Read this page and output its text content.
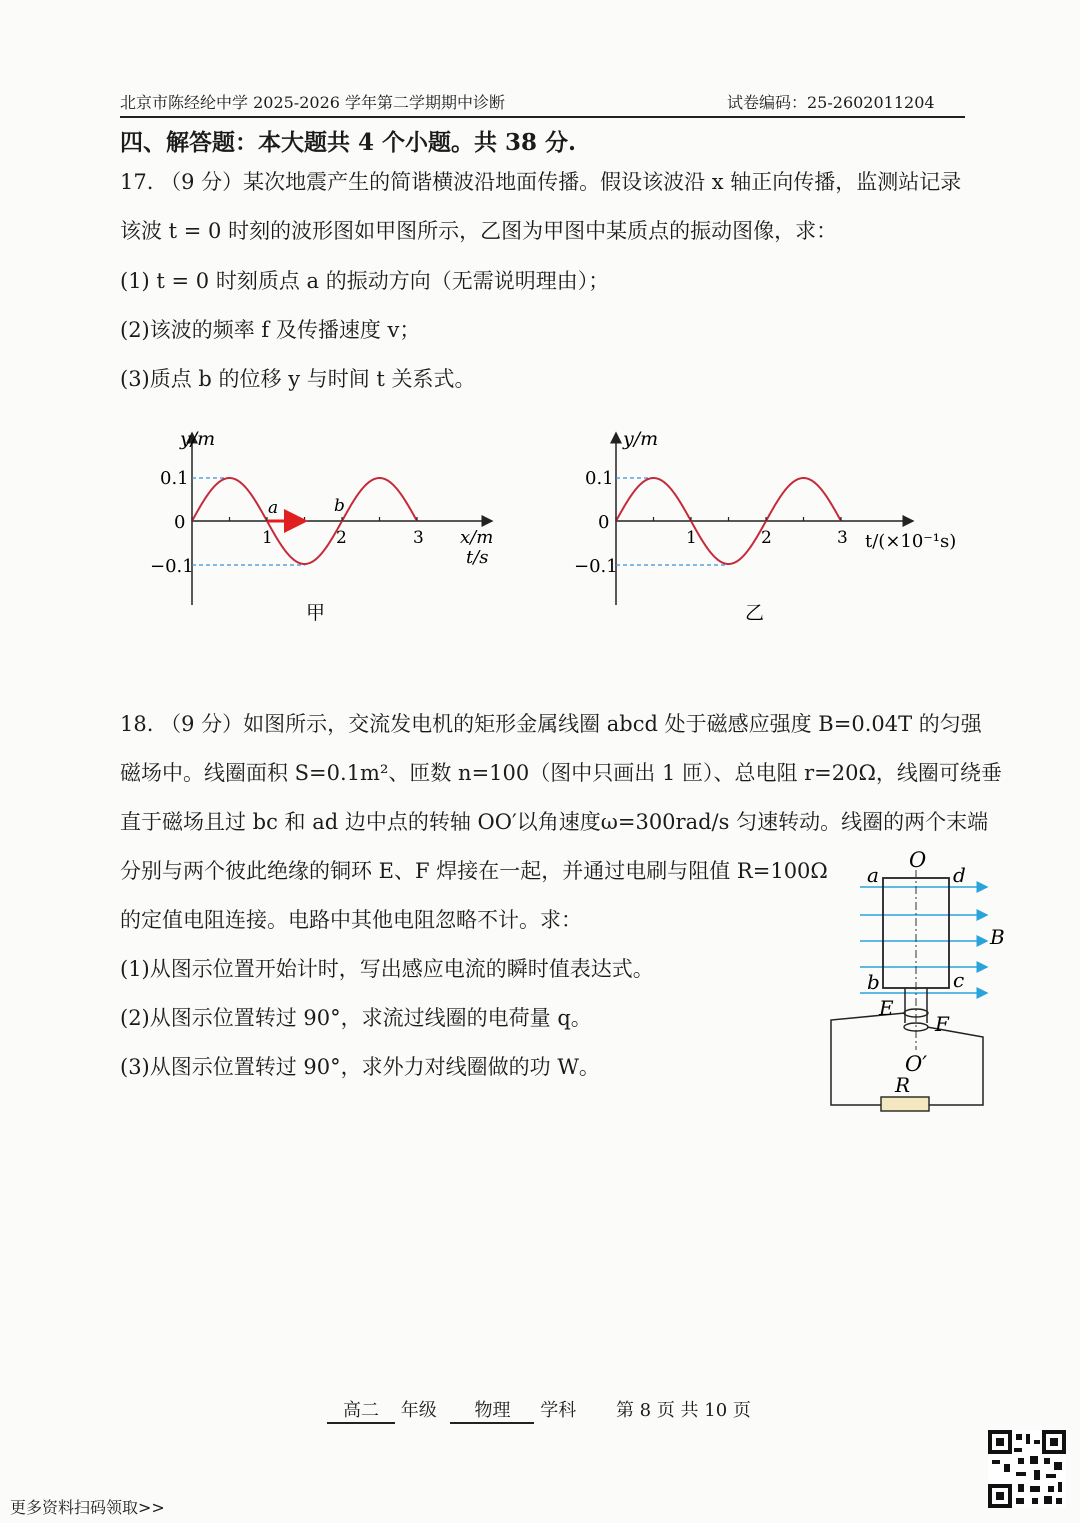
北京市陈经纶中学 2025-2026 学年第二学期期中诊断	试卷编码：25-2602011204
四、解答题：本大题共 4 个小题。共 38 分.
17. （9 分）某次地震产生的简谐横波沿地面传播。假设该波沿 x 轴正向传播，监测站记录
该波 t = 0 时刻的波形图如甲图所示，乙图为甲图中某质点的振动图像，求：
(1) t = 0 时刻质点 a 的振动方向（无需说明理由）；
(2)该波的频率 f 及传播速度 v；
(3)质点 b 的位移 y 与时间 t 关系式。
y/m
0.1
0
−0.1
1	2	3
a	b
x/m
t/s
甲
y/m
0.1
0
−0.1
1	2	3 t/(×10⁻¹s)
乙
18. （9 分）如图所示，交流发电机的矩形金属线圈 abcd 处于磁感应强度 B=0.04T 的匀强
磁场中。线圈面积 S=0.1m²、匝数 n=100（图中只画出 1 匝）、总电阻 r=20Ω，线圈可绕垂
直于磁场且过 bc 和 ad 边中点的转轴 OO′以角速度ω=300rad/s 匀速转动。线圈的两个末端
分别与两个彼此绝缘的铜环 E、F 焊接在一起，并通过电刷与阻值 R=100Ω
的定值电阻连接。电路中其他电阻忽略不计。求：
(1)从图示位置开始计时，写出感应电流的瞬时值表达式。
(2)从图示位置转过 90°，求流过线圈的电荷量 q。
(3)从图示位置转过 90°，求外力对线圈做的功 W。
O
a	d
B
b	c
E
F
O′
R
高二 年级 物理 学科 第 8 页 共 10 页
更多资料扫码领取>>
